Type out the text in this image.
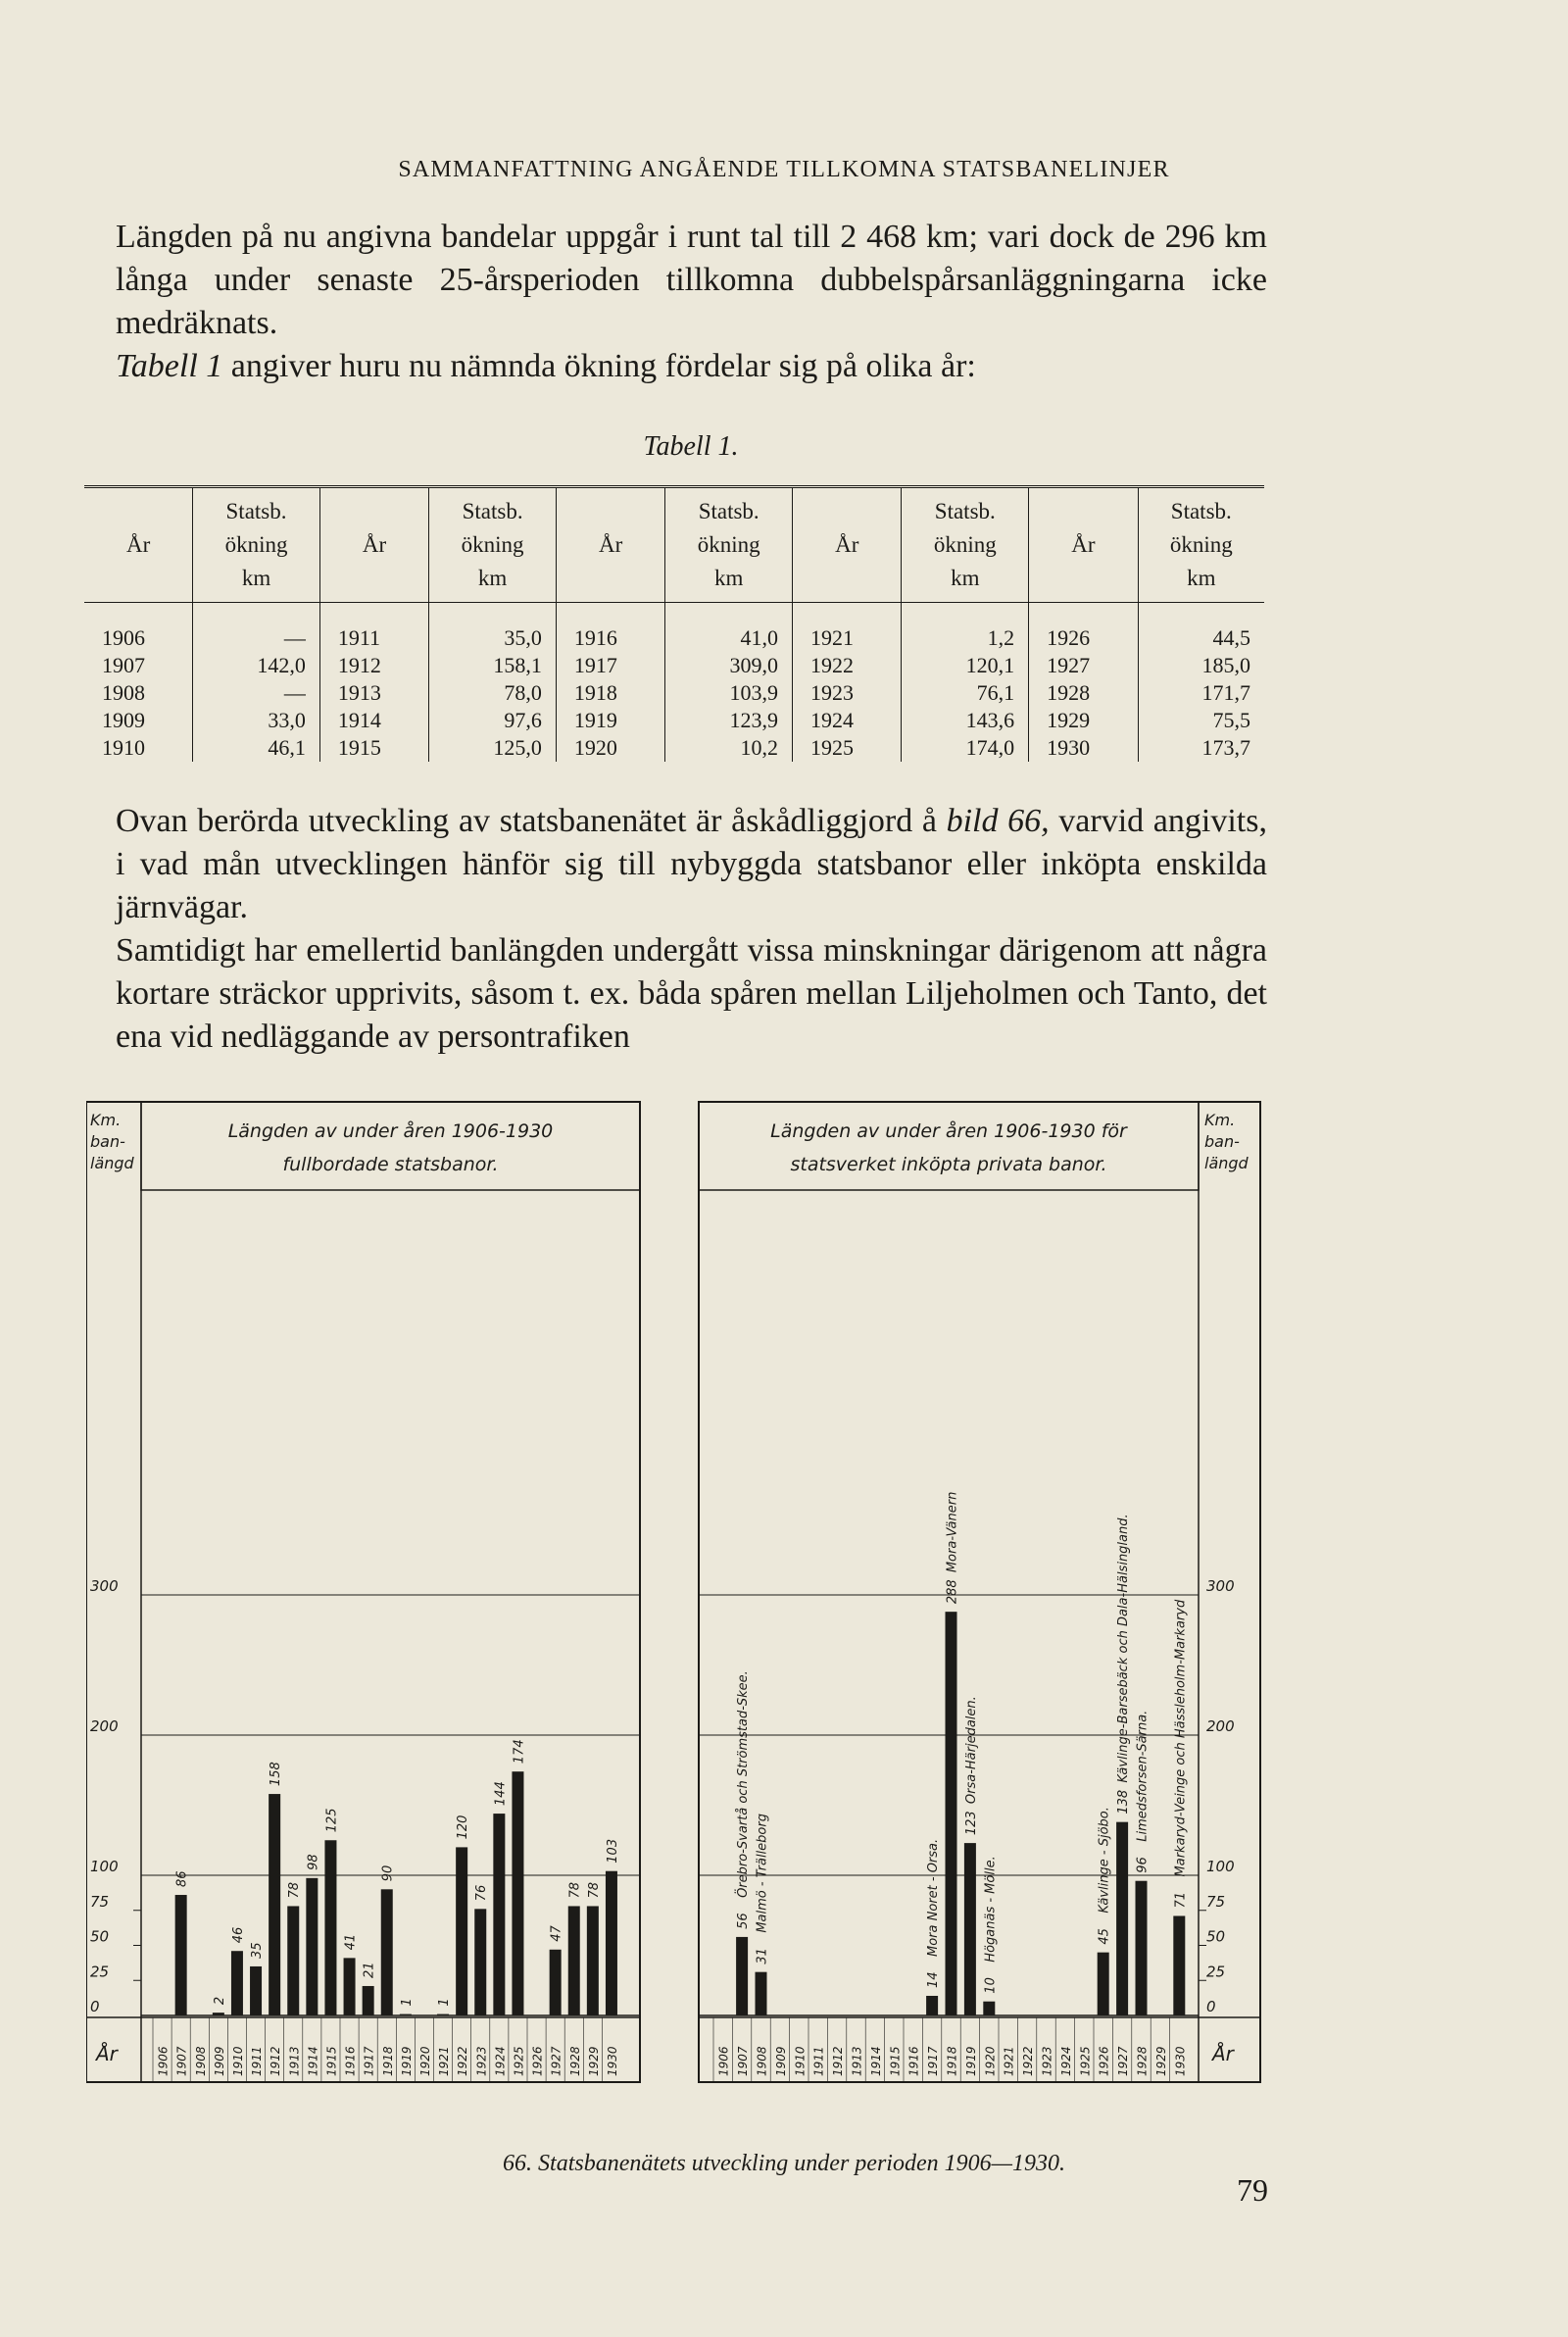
SAMMANFATTNING ANGÅENDE TILLKOMNA STATSBANELINJER

Längden på nu angivna bandelar uppgår i runt tal till 2 468 km; vari dock de 296 km långa under senaste 25-årsperioden tillkomna dubbelspårsanläggningarna icke medräknats.

Tabell 1 angiver huru nu nämnda ökning fördelar sig på olika år:

Tabell 1.
År	Statsb.
ökning
km	År	Statsb.
ökning
km	År	Statsb.
ökning
km	År	Statsb.
ökning
km	År	Statsb.
ökning
km
1906	—	1911	35,0	1916	41,0	1921	1,2	1926	44,5
1907	142,0	1912	158,1	1917	309,0	1922	120,1	1927	185,0
1908	—	1913	78,0	1918	103,9	1923	76,1	1928	171,7
1909	33,0	1914	97,6	1919	123,9	1924	143,6	1929	75,5
1910	46,1	1915	125,0	1920	10,2	1925	174,0	1930	173,7

Ovan berörda utveckling av statsbanenätet är åskådliggjord å bild 66, varvid angivits, i vad mån utvecklingen hänför sig till nybyggda statsbanor eller inköpta enskilda järnvägar.

Samtidigt har emellertid banlängden undergått vissa minskningar därigenom att några kortare sträckor upprivits, såsom t. ex. båda spåren mellan Liljeholmen och Tanto, det ena vid nedläggande av persontrafiken

Längden av under åren 1906-1930
fullbordade statsbanor.
Km.
ban-
längd
300
200
100
75
50
25
0
År	1906
86
1907 1908
2
1909
46
1910
35
1911
158
1912
78
1913
98
1914
125
1915
41
1916
21
1917
90
1918
1
1919 1920
1
1921
120
1922
76
1923
144
1924
174
1925 1926
47
1927
78
1928
78
1929
103
1930
Längden av under åren 1906-1930 för
statsverket inköpta privata banor.
Km.
ban-
längd
300
200
100
75
50
25
0
År
1906
56
Örebro-Svartå och Strömstad-Skee.
1907
31
Malmö - Trälleborg
1908 1909 1910 1911 1912 1913 1914 1915 1916
14
Mora Noret - Orsa.
1917
288
Mora-Vänern
1918
123
Orsa-Härjedalen.
1919
10
Höganäs - Mölle.
1920 1921 1922 1923 1924 1925
45
Kävlinge - Sjöbo.
1926
138
Kävlinge-Barsebäck och Dala-Hälsingland.
1927
96
Limedsforsen-Särna.
1928 1929
71
Markaryd-Veinge och Hässleholm-Markaryd
1930
66. Statsbanenätets utveckling under perioden 1906—1930.
79
